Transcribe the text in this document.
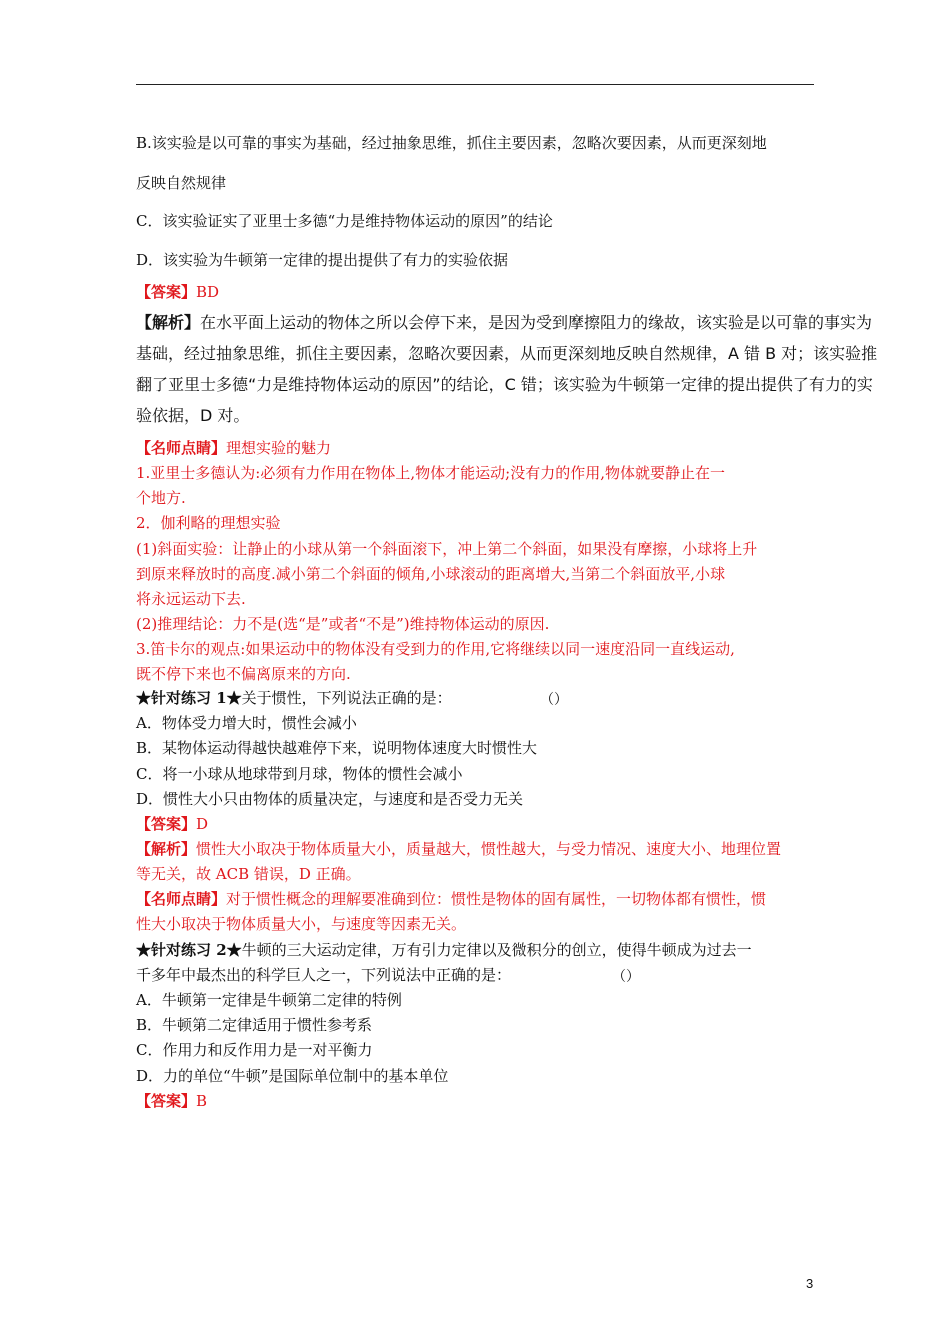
B.该实验是以可靠的事实为基础，经过抽象思维，抓住主要因素，忽略次要因素，从而更深刻地
反映自然规律
C．该实验证实了亚里士多德“力是维持物体运动的原因”的结论
D．该实验为牛顿第一定律的提出提供了有力的实验依据
【答案】BD
【解析】在水平面上运动的物体之所以会停下来，是因为受到摩擦阻力的缘故，该实验是以可靠的事实为
基础，经过抽象思维，抓住主要因素，忽略次要因素，从而更深刻地反映自然规律，A 错 B 对；该实验推
翻了亚里士多德“力是维持物体运动的原因”的结论，C 错；该实验为牛顿第一定律的提出提供了有力的实
验依据，D 对。
【名师点睛】理想实验的魅力
1.亚里士多德认为:必须有力作用在物体上,物体才能运动;没有力的作用,物体就要静止在一
个地方.
2．伽利略的理想实验
(1)斜面实验：让静止的小球从第一个斜面滚下，冲上第二个斜面，如果没有摩擦，小球将上升
到原来释放时的高度.减小第二个斜面的倾角,小球滚动的距离增大,当第二个斜面放平,小球
将永远运动下去.
(2)推理结论：力不是(选“是”或者“不是”)维持物体运动的原因.
3.笛卡尔的观点:如果运动中的物体没有受到力的作用,它将继续以同一速度沿同一直线运动,
既不停下来也不偏离原来的方向.
★针对练习 1★关于惯性，下列说法正确的是：	（）
A．物体受力增大时，惯性会减小
B．某物体运动得越快越难停下来，说明物体速度大时惯性大
C．将一小球从地球带到月球，物体的惯性会减小
D．惯性大小只由物体的质量决定，与速度和是否受力无关
【答案】D
【解析】惯性大小取决于物体质量大小，质量越大，惯性越大，与受力情况、速度大小、地理位置
等无关，故 ACB 错误，D 正确。
【名师点睛】对于惯性概念的理解要准确到位：惯性是物体的固有属性，一切物体都有惯性，惯
性大小取决于物体质量大小，与速度等因素无关。
★针对练习 2★牛顿的三大运动定律，万有引力定律以及微积分的创立，使得牛顿成为过去一
千多年中最杰出的科学巨人之一，下列说法中正确的是：	（）
A．牛顿第一定律是牛顿第二定律的特例
B．牛顿第二定律适用于惯性参考系
C．作用力和反作用力是一对平衡力
D．力的单位“牛顿”是国际单位制中的基本单位
【答案】B
3
